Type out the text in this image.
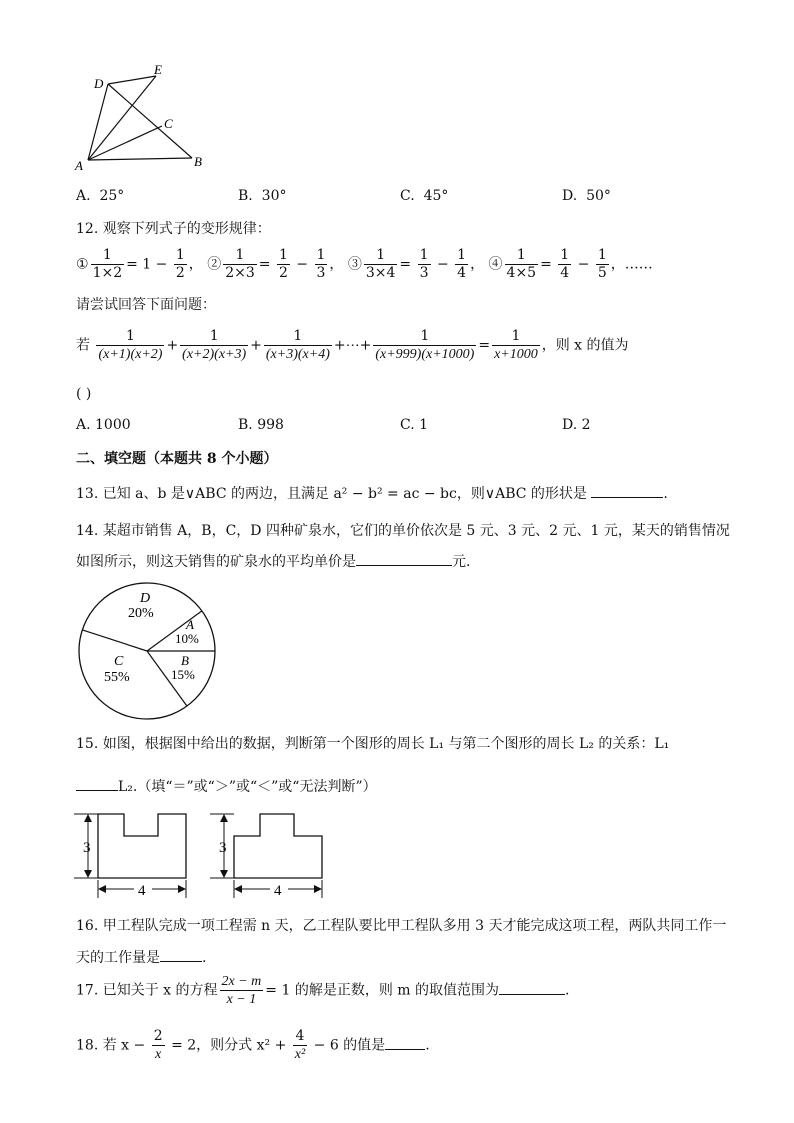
A	B
C
D
E
A. 25°	B. 30°	C. 45°	D. 50°
12. 观察下列式子的变形规律：
① $\frac{1}{1\times 2} = 1 - \frac{1}{2}$ ， ② $\frac{1}{2\times 3} = \frac{1}{2} - \frac{1}{3}$ ， ③ $\frac{1}{3\times 4} = \frac{1}{3} - \frac{1}{4}$ ， ④ $\frac{1}{4\times 5} = \frac{1}{4} - \frac{1}{5}$ ，……
请尝试回答下面问题：
若 $\frac{1}{(x+1)(x+2)} + \frac{1}{(x+2)(x+3)} + \frac{1}{(x+3)(x+4)}$ +⋯+ $\frac{1}{(x+999)(x+1000)} = \frac{1}{x+1000}$ ，则 x 的值为
( )
A. 1000	B. 998	C. 1	D. 2
二、填空题（本题共 8 个小题）
13. 已知 a、b 是∨ABC 的两边，且满足 a² − b² = ac − bc，则∨ABC 的形状是	.
14. 某超市销售 A，B，C，D 四种矿泉水，它们的单价依次是 5 元、3 元、2 元、1 元，某天的销售情况
如图所示，则这天销售的矿泉水的平均单价是	元.
D
20%
A
10%
B
15%
C
55%
15. 如图，根据图中给出的数据，判断第一个图形的周长 L₁ 与第二个图形的周长 L₂ 的关系：L₁
L₂.（填“＝”或“＞”或“＜”或“无法判断”）
3
4
3
4
16. 甲工程队完成一项工程需 n 天，乙工程队要比甲工程队多用 3 天才能完成这项工程，两队共同工作一
天的工作量是	.
17. 已知关于 x 的方程 $\frac{2x - m}{x - 1} = 1$ 的解是正数，则 m 的取值范围为	.
18. 若 $x - \frac{2}{x} = 2$，则分式 $x^2 + \frac{4}{\text{x²}} - 6$ 的值是	.
